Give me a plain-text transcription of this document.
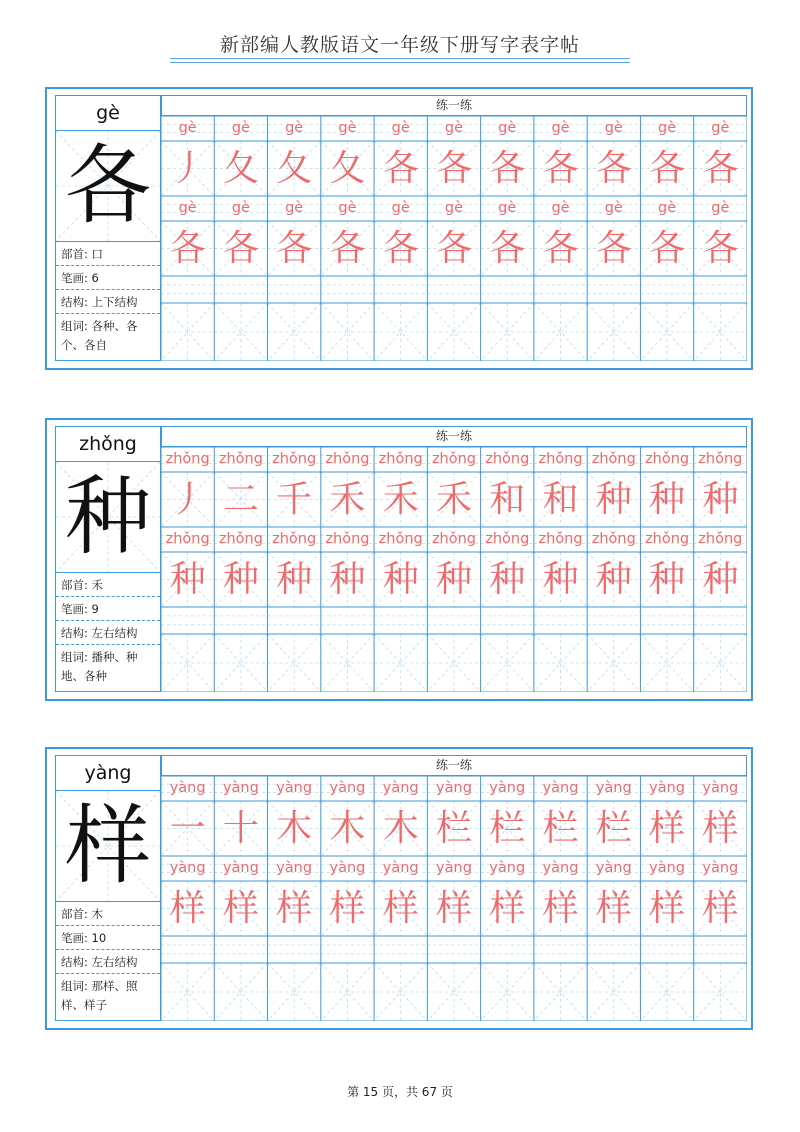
新部编人教版语文一年级下册写字表字帖
gè
各
部首: 口
笔画: 6
结构: 上下结构
组词: 各种、各
个、各自
练一练
gè
丿
gè
夂
gè
夂
gè
夂
gè
各
gè
各
gè
各
gè
各
gè
各
gè
各
gè
各
gè
各
gè
各
gè
各
gè
各
gè
各
gè
各
gè
各
gè
各
gè
各
gè
各
gè
各
zhǒng
种
部首: 禾
笔画: 9
结构: 左右结构
组词: 播种、种
地、各种
练一练
zhǒng
丿
zhǒng
二
zhǒng
千
zhǒng
禾
zhǒng
禾
zhǒng
禾
zhǒng
和
zhǒng
和
zhǒng
种
zhǒng
种
zhǒng
种
zhǒng
种
zhǒng
种
zhǒng
种
zhǒng
种
zhǒng
种
zhǒng
种
zhǒng
种
zhǒng
种
zhǒng
种
zhǒng
种
zhǒng
种
yàng
样
部首: 木
笔画: 10
结构: 左右结构
组词: 那样、照
样、样子
练一练
yàng
一
yàng
十
yàng
木
yàng
木
yàng
木
yàng
栏
yàng
栏
yàng
栏
yàng
栏
yàng
样
yàng
样
yàng
样
yàng
样
yàng
样
yàng
样
yàng
样
yàng
样
yàng
样
yàng
样
yàng
样
yàng
样
yàng
样
第 15 页，共 67 页
